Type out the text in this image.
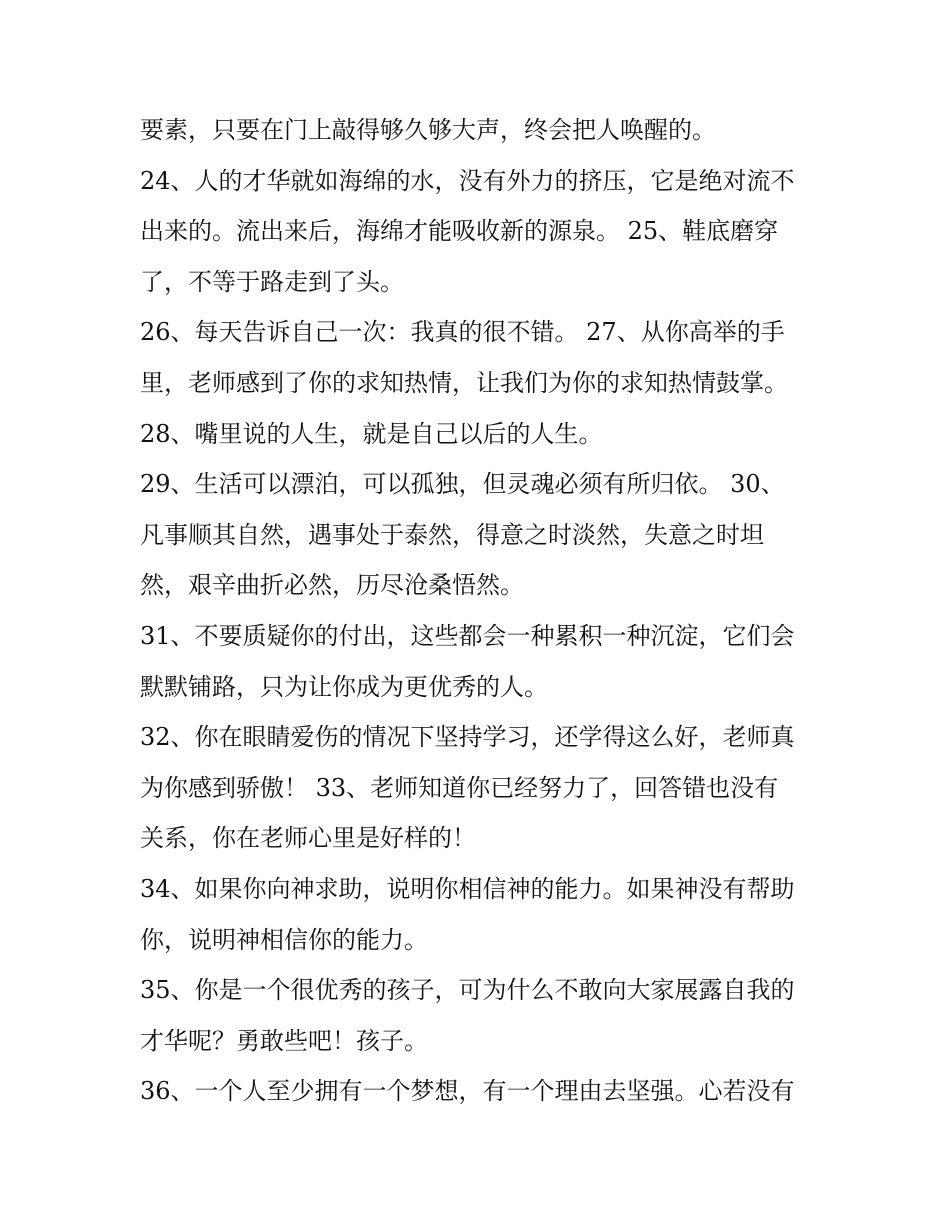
要素，只要在门上敲得够久够大声，终会把人唤醒的。
24、人的才华就如海绵的水，没有外力的挤压，它是绝对流不
出来的。流出来后，海绵才能吸收新的源泉。 25、鞋底磨穿
了，不等于路走到了头。
26、每天告诉自己一次：我真的很不错。 27、从你高举的手
里，老师感到了你的求知热情，让我们为你的求知热情鼓掌。
28、嘴里说的人生，就是自己以后的人生。
29、生活可以漂泊，可以孤独，但灵魂必须有所归依。 30、
凡事顺其自然，遇事处于泰然，得意之时淡然，失意之时坦
然，艰辛曲折必然，历尽沧桑悟然。
31、不要质疑你的付出，这些都会一种累积一种沉淀，它们会
默默铺路，只为让你成为更优秀的人。
32、你在眼睛爱伤的情况下坚持学习，还学得这么好，老师真
为你感到骄傲！ 33、老师知道你已经努力了，回答错也没有
关系，你在老师心里是好样的！
34、如果你向神求助，说明你相信神的能力。如果神没有帮助
你，说明神相信你的能力。
35、你是一个很优秀的孩子，可为什么不敢向大家展露自我的
才华呢？勇敢些吧！孩子。
36、一个人至少拥有一个梦想，有一个理由去坚强。心若没有
